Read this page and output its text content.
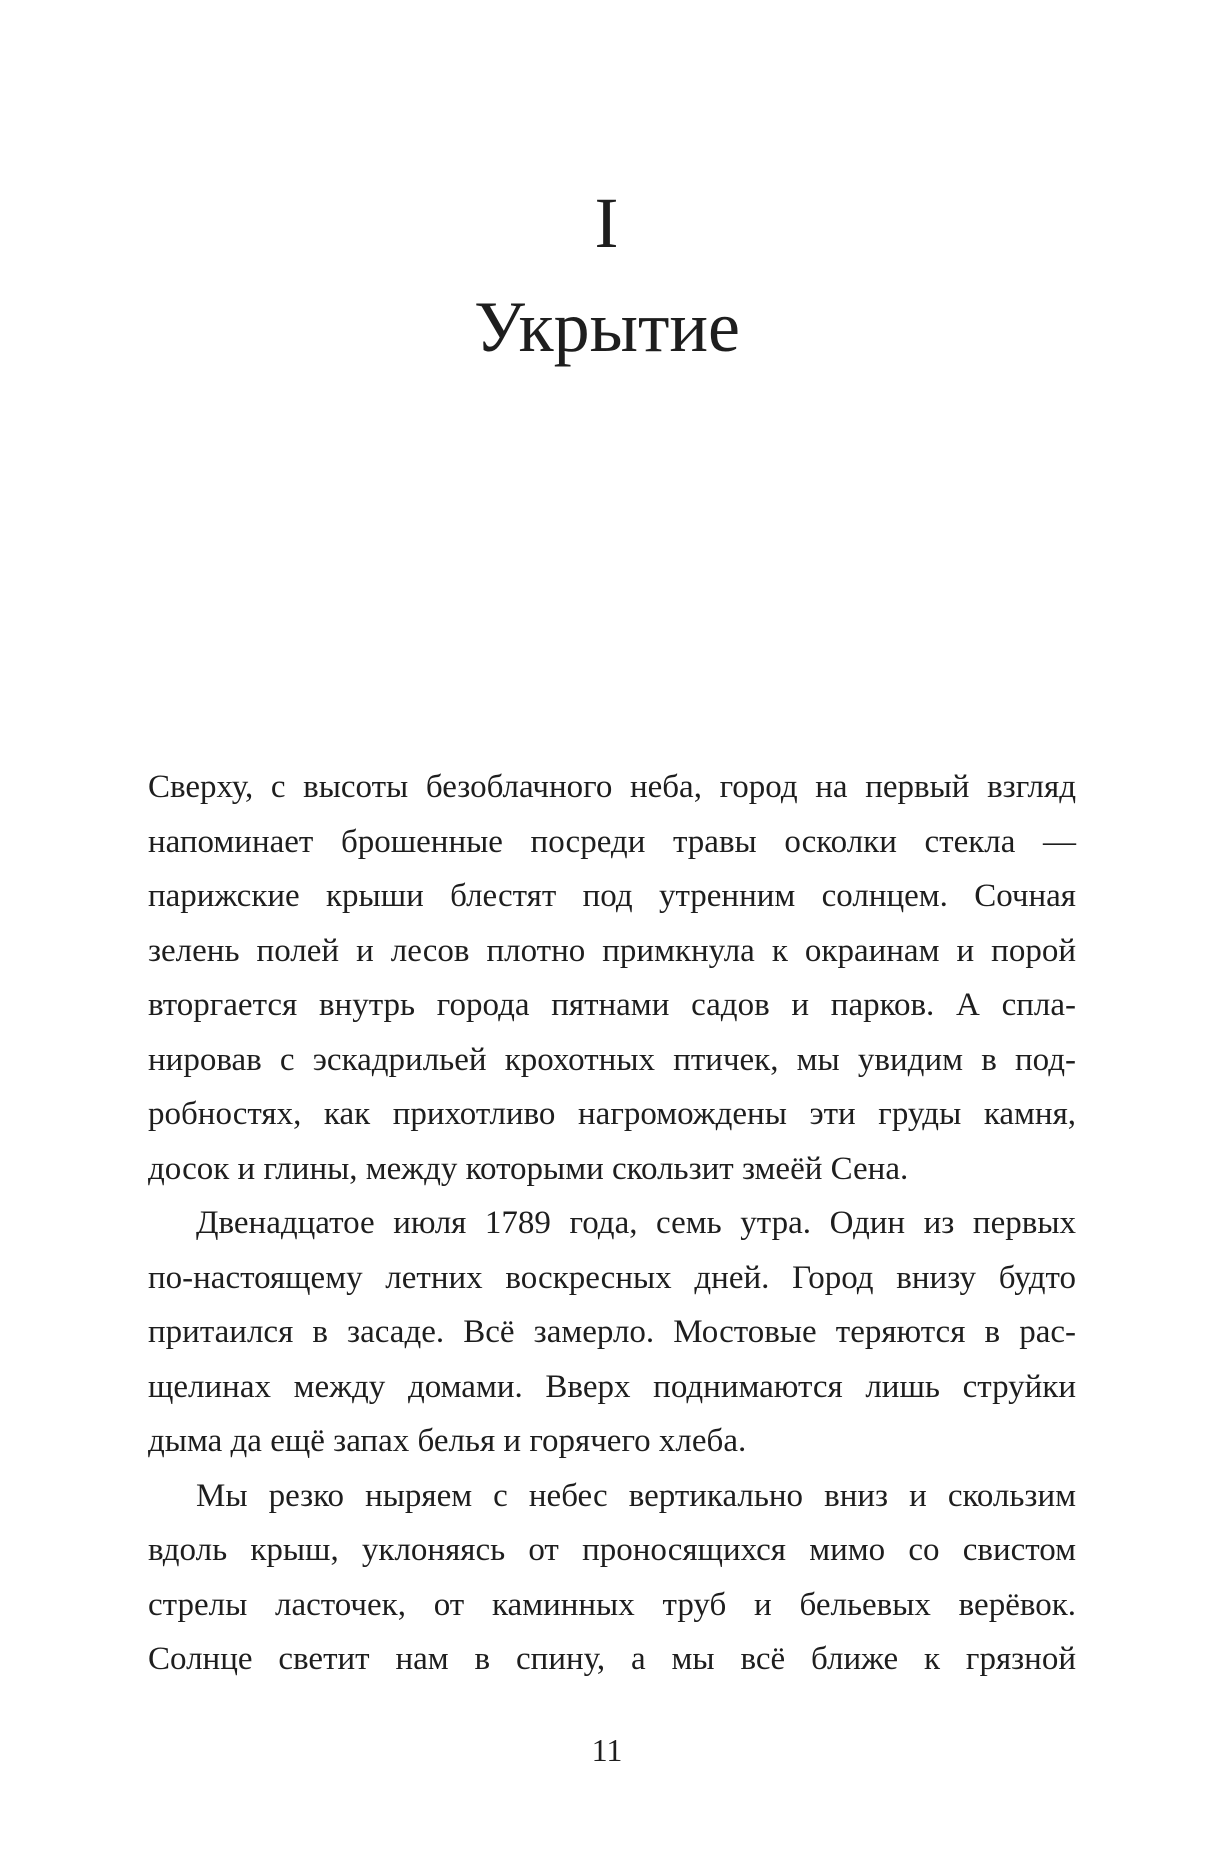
I
Укрытие
Сверху, с высоты безоблачного неба, город на первый взгляд
напоминает брошенные посреди травы осколки стекла —
парижские крыши блестят под утренним солнцем. Сочная
зелень полей и лесов плотно примкнула к окраинам и порой
вторгается внутрь города пятнами садов и парков. А спла-
нировав с эскадрильей крохотных птичек, мы увидим в под-
робностях, как прихотливо нагромождены эти груды камня,
досок и глины, между которыми скользит змеёй Сена.
Двенадцатое июля 1789 года, семь утра. Один из первых
по-настоящему летних воскресных дней. Город внизу будто
притаился в засаде. Всё замерло. Мостовые теряются в рас-
щелинах между домами. Вверх поднимаются лишь струйки
дыма да ещё запах белья и горячего хлеба.
Мы резко ныряем с небес вертикально вниз и скользим
вдоль крыш, уклоняясь от проносящихся мимо со свистом
стрелы ласточек, от каминных труб и бельевых верёвок.
Солнце светит нам в спину, а мы всё ближе к грязной
11
